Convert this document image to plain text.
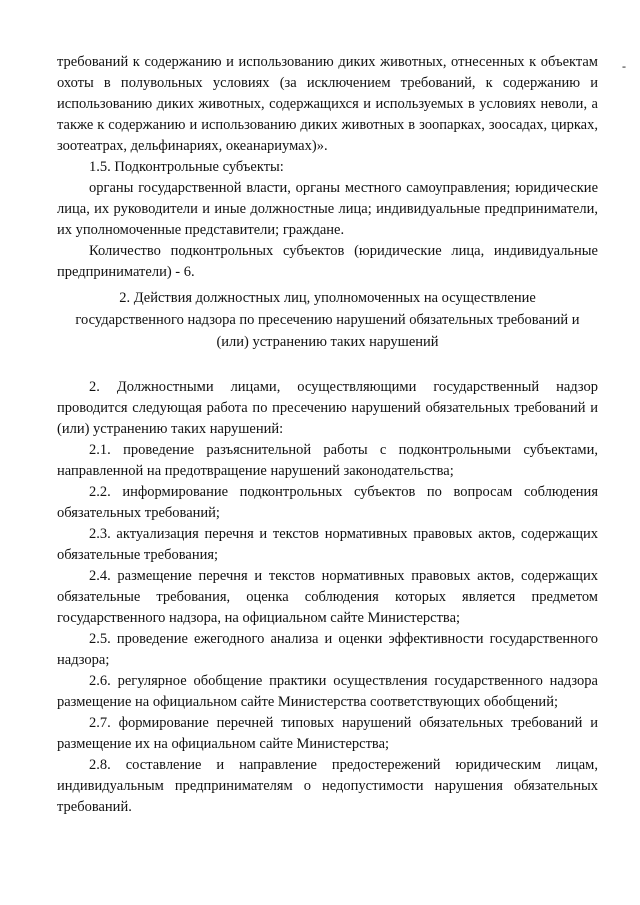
-

требований к содержанию и использованию диких животных, отнесенных к объектам охоты в полувольных условиях (за исключением требований, к содержанию и использованию диких животных, содержащихся и используемых в условиях неволи, а также к содержанию и использованию диких животных в зоопарках, зоосадах, цирках, зоотеатрах, дельфинариях, океанариумах)».

1.5. Подконтрольные субъекты:

органы государственной власти, органы местного самоуправления; юридические лица, их руководители и иные должностные лица; индивидуальные предприниматели, их уполномоченные представители; граждане.

Количество подконтрольных субъектов (юридические лица, индивидуальные предприниматели) - 6.

2. Действия должностных лиц, уполномоченных на осуществление

государственного надзора по пресечению нарушений обязательных требований и

(или) устранению таких нарушений

2. Должностными лицами, осуществляющими государственный надзор проводится следующая работа по пресечению нарушений обязательных требований и (или) устранению таких нарушений:

2.1. проведение разъяснительной работы с подконтрольными субъектами, направленной на предотвращение нарушений законодательства;

2.2. информирование подконтрольных субъектов по вопросам соблюдения обязательных требований;

2.3. актуализация перечня и текстов нормативных правовых актов, содержащих обязательные требования;

2.4. размещение перечня и текстов нормативных правовых актов, содержащих обязательные требования, оценка соблюдения которых является предметом государственного надзора, на официальном сайте Министерства;

2.5. проведение ежегодного анализа и оценки эффективности государственного надзора;

2.6. регулярное обобщение практики осуществления государственного надзора размещение на официальном сайте Министерства соответствующих обобщений;

2.7. формирование перечней типовых нарушений обязательных требований и размещение их на официальном сайте Министерства;

2.8. составление и направление предостережений юридическим лицам, индивидуальным предпринимателям о недопустимости нарушения обязательных требований.
